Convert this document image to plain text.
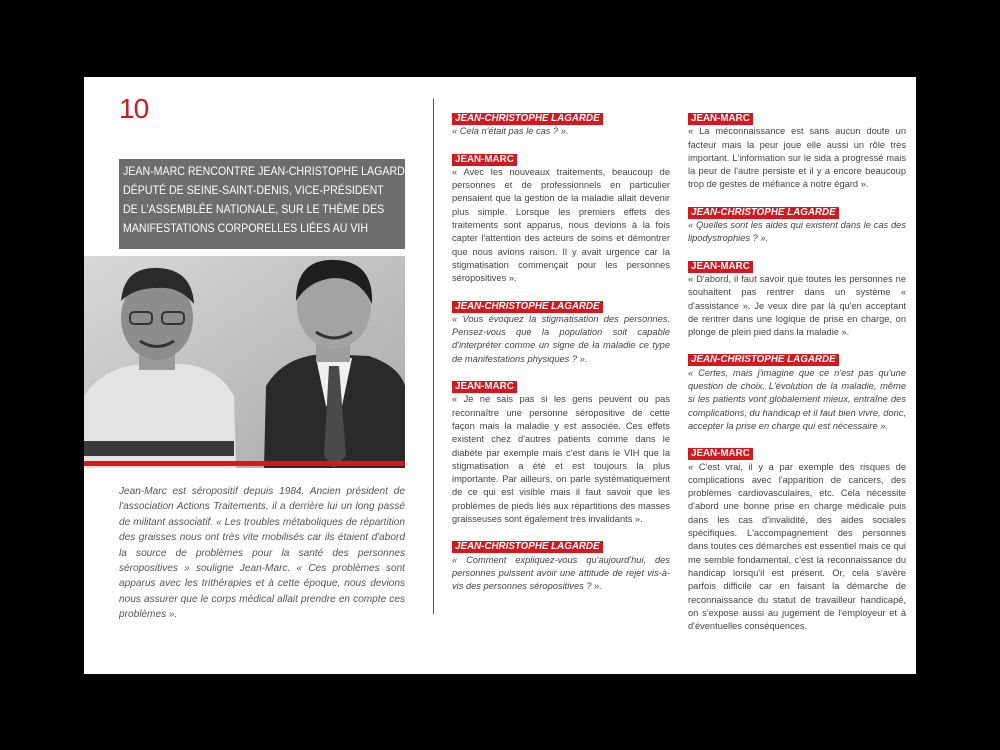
10
JEAN-MARC RENCONTRE JEAN-CHRISTOPHE LAGARDE,
DÉPUTÉ DE SEINE-SAINT-DENIS, VICE-PRÉSIDENT
DE L'ASSEMBLÉE NATIONALE, SUR LE THÈME DES
MANIFESTATIONS CORPORELLES LIÉES AU VIH
Jean-Marc est séropositif depuis 1984. Ancien président de l'association Actions Traitements, il a derrière lui un long passé de militant associatif. « Les troubles métaboliques de répartition des graisses nous ont très vite mobilisés car ils étaient d'abord la source de problèmes pour la santé des personnes séropositives » souligne Jean-Marc. « Ces problèmes sont apparus avec les trithérapies et à cette époque, nous devions nous assurer que le corps médical allait prendre en compte ces problèmes ».
JEAN-CHRISTOPHE LAGARDE
« Cela n'était pas le cas ? ».
JEAN-MARC
« Avec les nouveaux traitements, beaucoup de personnes et de professionnels en particulier pensaient que la gestion de la maladie allait devenir plus simple. Lorsque les premiers effets des traitements sont apparus, nous devions à la fois capter l'attention des acteurs de soins et démontrer que nous avions raison. Il y avait urgence car la stigmatisation commençait pour les personnes séropositives ».
JEAN-CHRISTOPHE LAGARDE
« Vous évoquez la stigmatisation des personnes. Pensez-vous que la population soit capable d'interpréter comme un signe de la maladie ce type de manifestations physiques ? ».
JEAN-MARC
« Je ne sais pas si les gens peuvent ou pas reconnaître une personne séropositive de cette façon mais la maladie y est associée. Ces effets existent chez d'autres patients comme dans le diabète par exemple mais c'est dans le VIH que la stigmatisation a été et est toujours la plus importante. Par ailleurs, on parle systématiquement de ce qui est visible mais il faut savoir que les problèmes de pieds liés aux répartitions des masses graisseuses sont également très invalidants ».
JEAN-CHRISTOPHE LAGARDE
« Comment expliquez-vous qu'aujourd'hui, des personnes puissent avoir une attitude de rejet vis-à-vis des personnes séropositives ? ».
JEAN-MARC
« La méconnaissance est sans aucun doute un facteur mais la peur joue elle aussi un rôle très important. L'information sur le sida a progressé mais la peur de l'autre persiste et il y a encore beaucoup trop de gestes de méfiance à notre égard ».
JEAN-CHRISTOPHE LAGARDE
« Quelles sont les aides qui existent dans le cas des lipodystrophies ? ».
JEAN-MARC
« D'abord, il faut savoir que toutes les personnes ne souhaitent pas rentrer dans un système « d'assistance ». Je veux dire par là qu'en acceptant de rentrer dans une logique de prise en charge, on plonge de plein pied dans la maladie ».
JEAN-CHRISTOPHE LAGARDE
« Certes, mais j'imagine que ce n'est pas qu'une question de choix. L'évolution de la maladie, même si les patients vont globalement mieux, entraîne des complications, du handicap et il faut bien vivre, donc, accepter la prise en charge qui est nécessaire ».
JEAN-MARC
« C'est vrai, il y a par exemple des risques de complications avec l'apparition de cancers, des problèmes cardiovasculaires, etc. Cela nécessite d'abord une bonne prise en charge médicale puis dans les cas d'invalidité, des aides sociales spécifiques. L'accompagnement des personnes dans toutes ces démarches est essentiel mais ce qui me semble fondamental, c'est la reconnaissance du handicap lorsqu'il est présent. Or, cela s'avère parfois difficile car en faisant la démarche de reconnaissance du statut de travailleur handicapé, on s'expose aussi au jugement de l'employeur et à d'éventuelles conséquences.
